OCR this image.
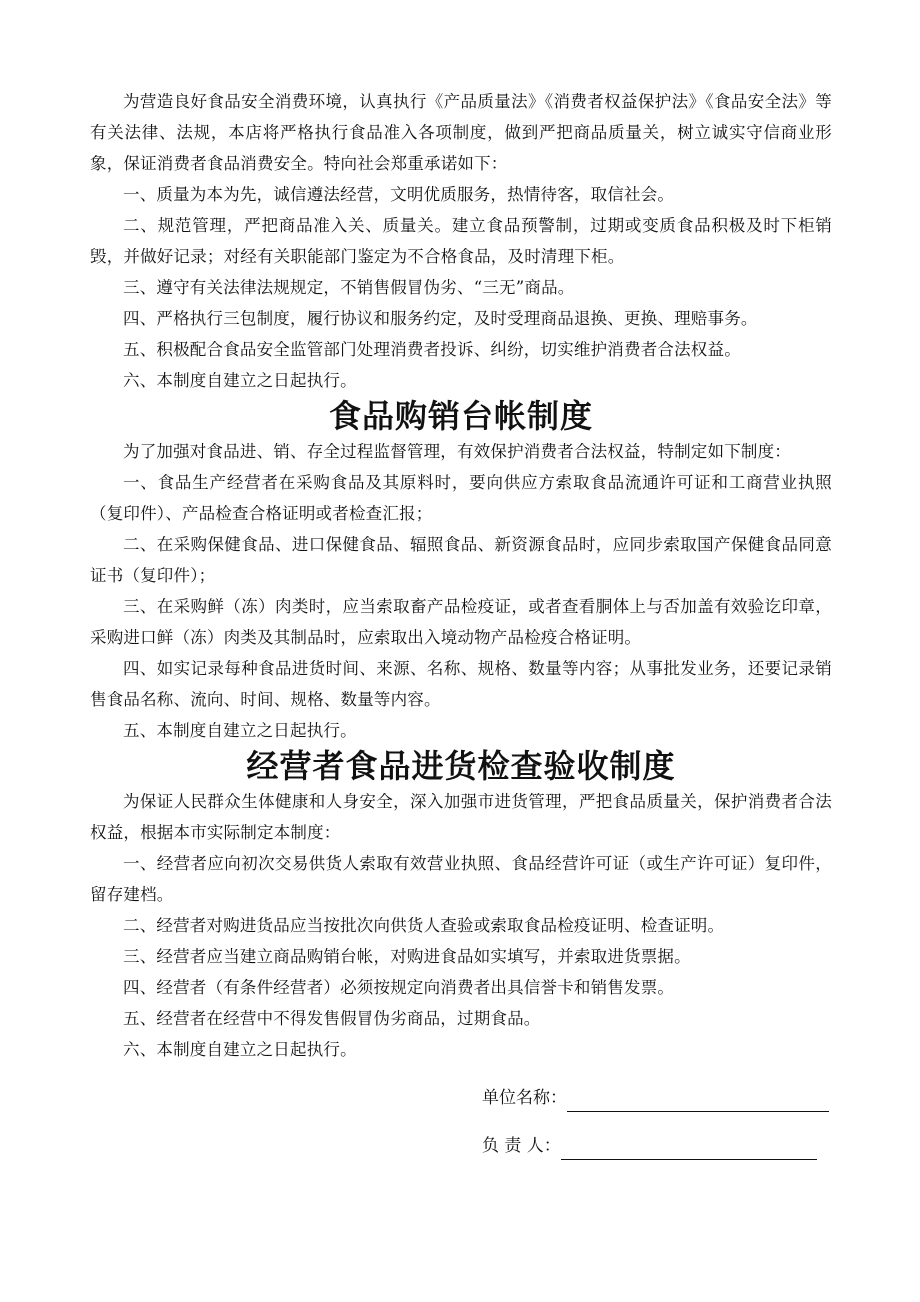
为营造良好食品安全消费环境，认真执行《产品质量法》《消费者权益保护法》《食品安全法》等有关法律、法规，本店将严格执行食品准入各项制度，做到严把商品质量关，树立诚实守信商业形象，保证消费者食品消费安全。特向社会郑重承诺如下：

一、质量为本为先，诚信遵法经营，文明优质服务，热情待客，取信社会。

二、规范管理，严把商品准入关、质量关。建立食品预警制，过期或变质食品积极及时下柜销毁，并做好记录；对经有关职能部门鉴定为不合格食品，及时清理下柜。

三、遵守有关法律法规规定，不销售假冒伪劣、“三无”商品。

四、严格执行三包制度，履行协议和服务约定，及时受理商品退换、更换、理赔事务。

五、积极配合食品安全监管部门处理消费者投诉、纠纷，切实维护消费者合法权益。

六、本制度自建立之日起执行。

食品购销台帐制度

为了加强对食品进、销、存全过程监督管理，有效保护消费者合法权益，特制定如下制度：

一、食品生产经营者在采购食品及其原料时，要向供应方索取食品流通许可证和工商营业执照（复印件）、产品检查合格证明或者检查汇报；

二、在采购保健食品、进口保健食品、辐照食品、新资源食品时，应同步索取国产保健食品同意证书（复印件）；

三、在采购鲜（冻）肉类时，应当索取畜产品检疫证，或者查看胴体上与否加盖有效验讫印章，采购进口鲜（冻）肉类及其制品时，应索取出入境动物产品检疫合格证明。

四、如实记录每种食品进货时间、来源、名称、规格、数量等内容；从事批发业务，还要记录销售食品名称、流向、时间、规格、数量等内容。

五、本制度自建立之日起执行。

经营者食品进货检查验收制度

为保证人民群众生体健康和人身安全，深入加强市进货管理，严把食品质量关，保护消费者合法权益，根据本市实际制定本制度：

一、经营者应向初次交易供货人索取有效营业执照、食品经营许可证（或生产许可证）复印件，留存建档。

二、经营者对购进货品应当按批次向供货人查验或索取食品检疫证明、检查证明。

三、经营者应当建立商品购销台帐，对购进食品如实填写，并索取进货票据。

四、经营者（有条件经营者）必须按规定向消费者出具信誉卡和销售发票。

五、经营者在经营中不得发售假冒伪劣商品，过期食品。

六、本制度自建立之日起执行。

单位名称：
负 责 人：
